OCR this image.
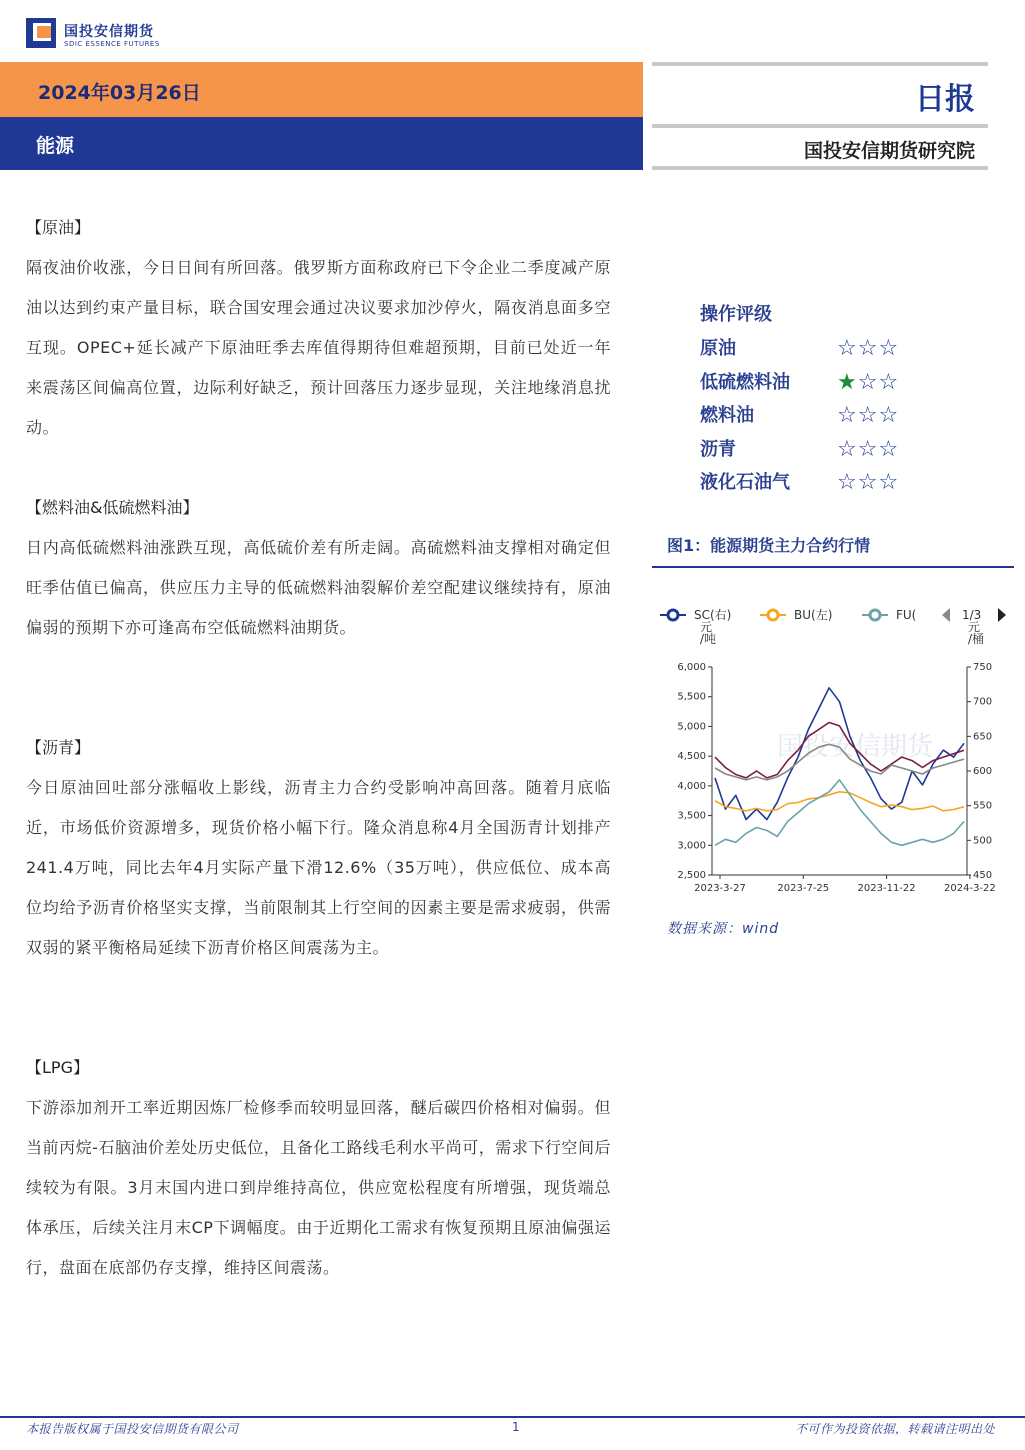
国投安信期货
SDIC ESSENCE FUTURES
2024年03月26日
能源
日报
国投安信期货研究院
【原油】

隔夜油价收涨，今日日间有所回落。俄罗斯方面称政府已下令企业二季度减产原油以达到约束产量目标，联合国安理会通过决议要求加沙停火，隔夜消息面多空互现。OPEC+延长减产下原油旺季去库值得期待但难超预期，目前已处近一年来震荡区间偏高位置，边际利好缺乏，预计回落压力逐步显现，关注地缘消息扰动。

【燃料油&低硫燃料油】

日内高低硫燃料油涨跌互现，高低硫价差有所走阔。高硫燃料油支撑相对确定但旺季估值已偏高，供应压力主导的低硫燃料油裂解价差空配建议继续持有，原油偏弱的预期下亦可逢高布空低硫燃料油期货。

【沥青】

今日原油回吐部分涨幅收上影线，沥青主力合约受影响冲高回落。随着月底临近，市场低价资源增多，现货价格小幅下行。隆众消息称4月全国沥青计划排产241.4万吨，同比去年4月实际产量下滑12.6%（35万吨），供应低位、成本高位均给予沥青价格坚实支撑，当前限制其上行空间的因素主要是需求疲弱，供需双弱的紧平衡格局延续下沥青价格区间震荡为主。

【LPG】

下游添加剂开工率近期因炼厂检修季而较明显回落，醚后碳四价格相对偏弱。但当前丙烷-石脑油价差处历史低位，且备化工路线毛利水平尚可，需求下行空间后续较为有限。3月末国内进口到岸维持高位，供应宽松程度有所增强，现货端总体承压，后续关注月末CP下调幅度。由于近期化工需求有恢复预期且原油偏强运行，盘面在底部仍存支撑，维持区间震荡。

操作评级
原油	☆☆☆
低硫燃料油 ★☆☆
燃料油	☆☆☆
沥青	☆☆☆
液化石油气 ☆☆☆
图1：能源期货主力合约行情
SC(右)	BU(左)	FU(	1/3
元
/吨
元
/桶
6,000
5,500
5,000
4,500
4,000
3,500
3,000
2,500
750
700
650
600
550
500
450
2023-3-27	2023-7-25	2023-11-22	2024-3-22
国投安信期货
数据来源：wind
本报告版权属于国投安信期货有限公司	1	不可作为投资依据，转载请注明出处
